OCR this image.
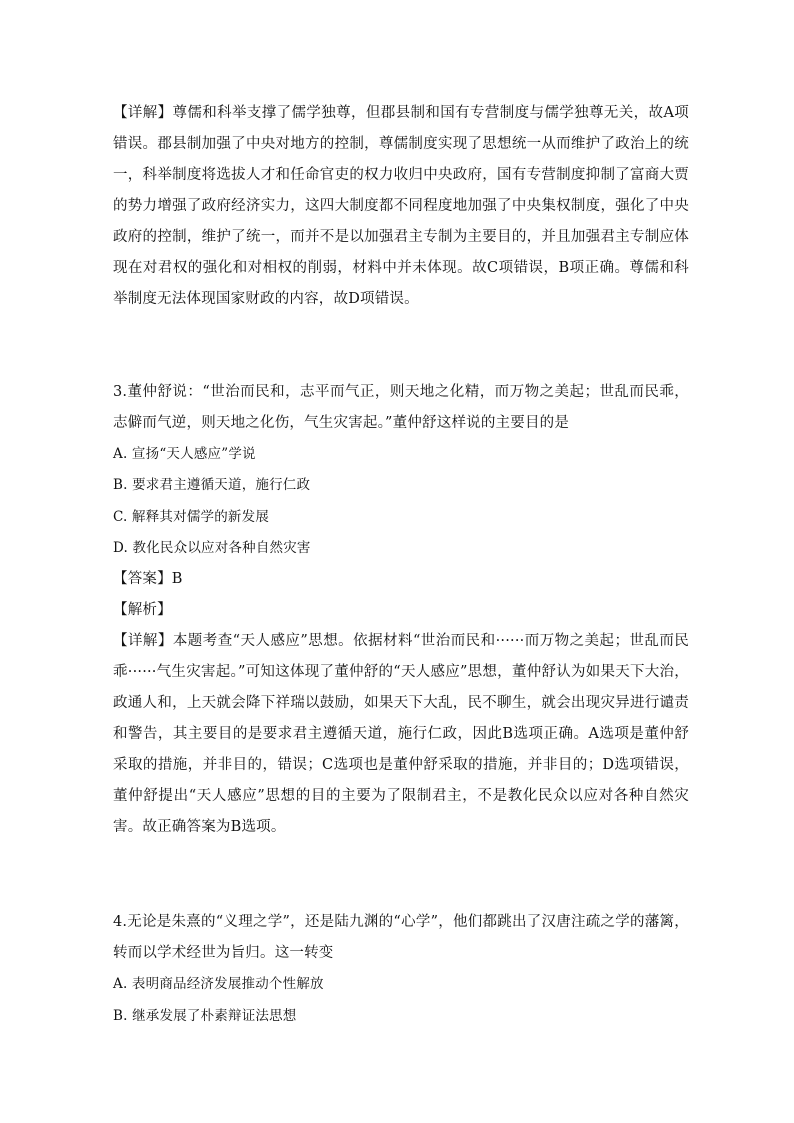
【详解】尊儒和科举支撑了儒学独尊，但郡县制和国有专营制度与儒学独尊无关，故A项错误。郡县制加强了中央对地方的控制，尊儒制度实现了思想统一从而维护了政治上的统一，科举制度将选拔人才和任命官吏的权力收归中央政府，国有专营制度抑制了富商大贾的势力增强了政府经济实力，这四大制度都不同程度地加强了中央集权制度，强化了中央政府的控制，维护了统一，而并不是以加强君主专制为主要目的，并且加强君主专制应体现在对君权的强化和对相权的削弱，材料中并未体现。故C项错误，B项正确。尊儒和科举制度无法体现国家财政的内容，故D项错误。

3.董仲舒说：“世治而民和，志平而气正，则天地之化精，而万物之美起；世乱而民乖，志僻而气逆，则天地之化伤，气生灾害起。”董仲舒这样说的主要目的是

A. 宣扬“天人感应”学说

B. 要求君主遵循天道，施行仁政

C. 解释其对儒学的新发展

D. 教化民众以应对各种自然灾害

【答案】B

【解析】

【详解】本题考查“天人感应”思想。依据材料“世治而民和······而万物之美起；世乱而民乖······气生灾害起。”可知这体现了董仲舒的“天人感应”思想，董仲舒认为如果天下大治，政通人和，上天就会降下祥瑞以鼓励，如果天下大乱，民不聊生，就会出现灾异进行谴责和警告，其主要目的是要求君主遵循天道，施行仁政，因此B选项正确。A选项是董仲舒采取的措施，并非目的，错误；C选项也是董仲舒采取的措施，并非目的；D选项错误，董仲舒提出“天人感应”思想的目的主要为了限制君主，不是教化民众以应对各种自然灾害。故正确答案为B选项。

4.无论是朱熹的“义理之学”，还是陆九渊的“心学”，他们都跳出了汉唐注疏之学的藩篱，转而以学术经世为旨归。这一转变

A. 表明商品经济发展推动个性解放

B. 继承发展了朴素辩证法思想
